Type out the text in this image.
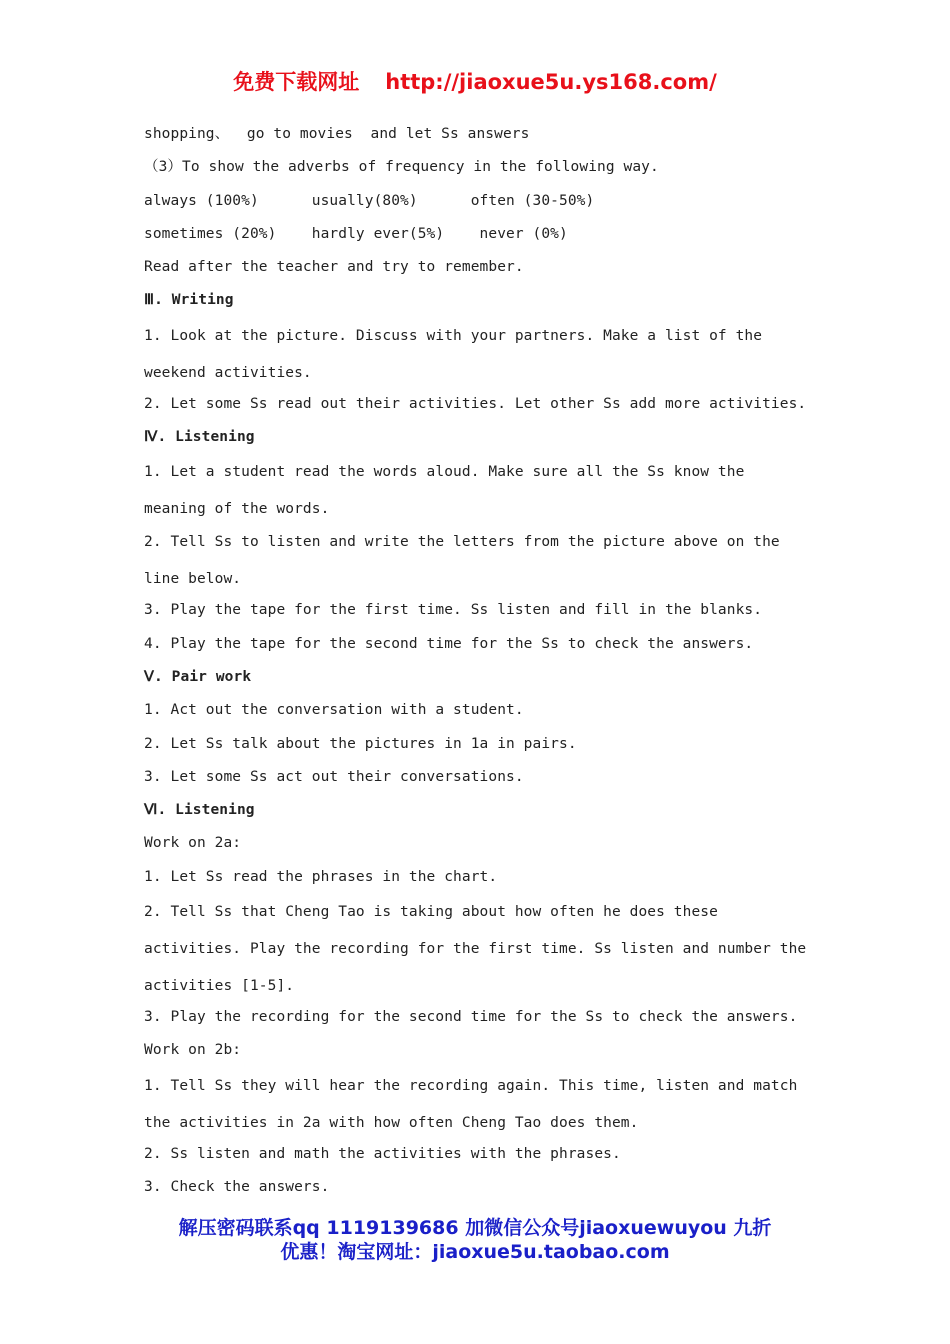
免费下载网址 http://jiaoxue5u.ys168.com/
shopping、  go to movies  and let Ss answers
（3）To show the adverbs of frequency in the following way.
always (100%)      usually(80%)      often (30-50%)
sometimes (20%)    hardly ever(5%)    never (0%)
Read after the teacher and try to remember.
Ⅲ. Writing
1. Look at the picture. Discuss with your partners. Make a list of the weekend activities.
2. Let some Ss read out their activities. Let other Ss add more activities.
Ⅳ. Listening
1. Let a student read the words aloud. Make sure all the Ss know the meaning of the words.
2. Tell Ss to listen and write the letters from the picture above on the line below.
3. Play the tape for the first time. Ss listen and fill in the blanks.
4. Play the tape for the second time for the Ss to check the answers.
Ⅴ. Pair work
1. Act out the conversation with a student.
2. Let Ss talk about the pictures in 1a in pairs.
3. Let some Ss act out their conversations.
Ⅵ. Listening
Work on 2a:
1. Let Ss read the phrases in the chart.
2. Tell Ss that Cheng Tao is taking about how often he does these activities. Play the recording for the first time. Ss listen and number the activities [1-5].
3. Play the recording for the second time for the Ss to check the answers.
Work on 2b:
1. Tell Ss they will hear the recording again. This time, listen and match the activities in 2a with how often Cheng Tao does them.
2. Ss listen and math the activities with the phrases.
3. Check the answers.
解压密码联系qq 1119139686 加微信公众号jiaoxuewuyou 九折
优惠！淘宝网址：jiaoxue5u.taobao.com
